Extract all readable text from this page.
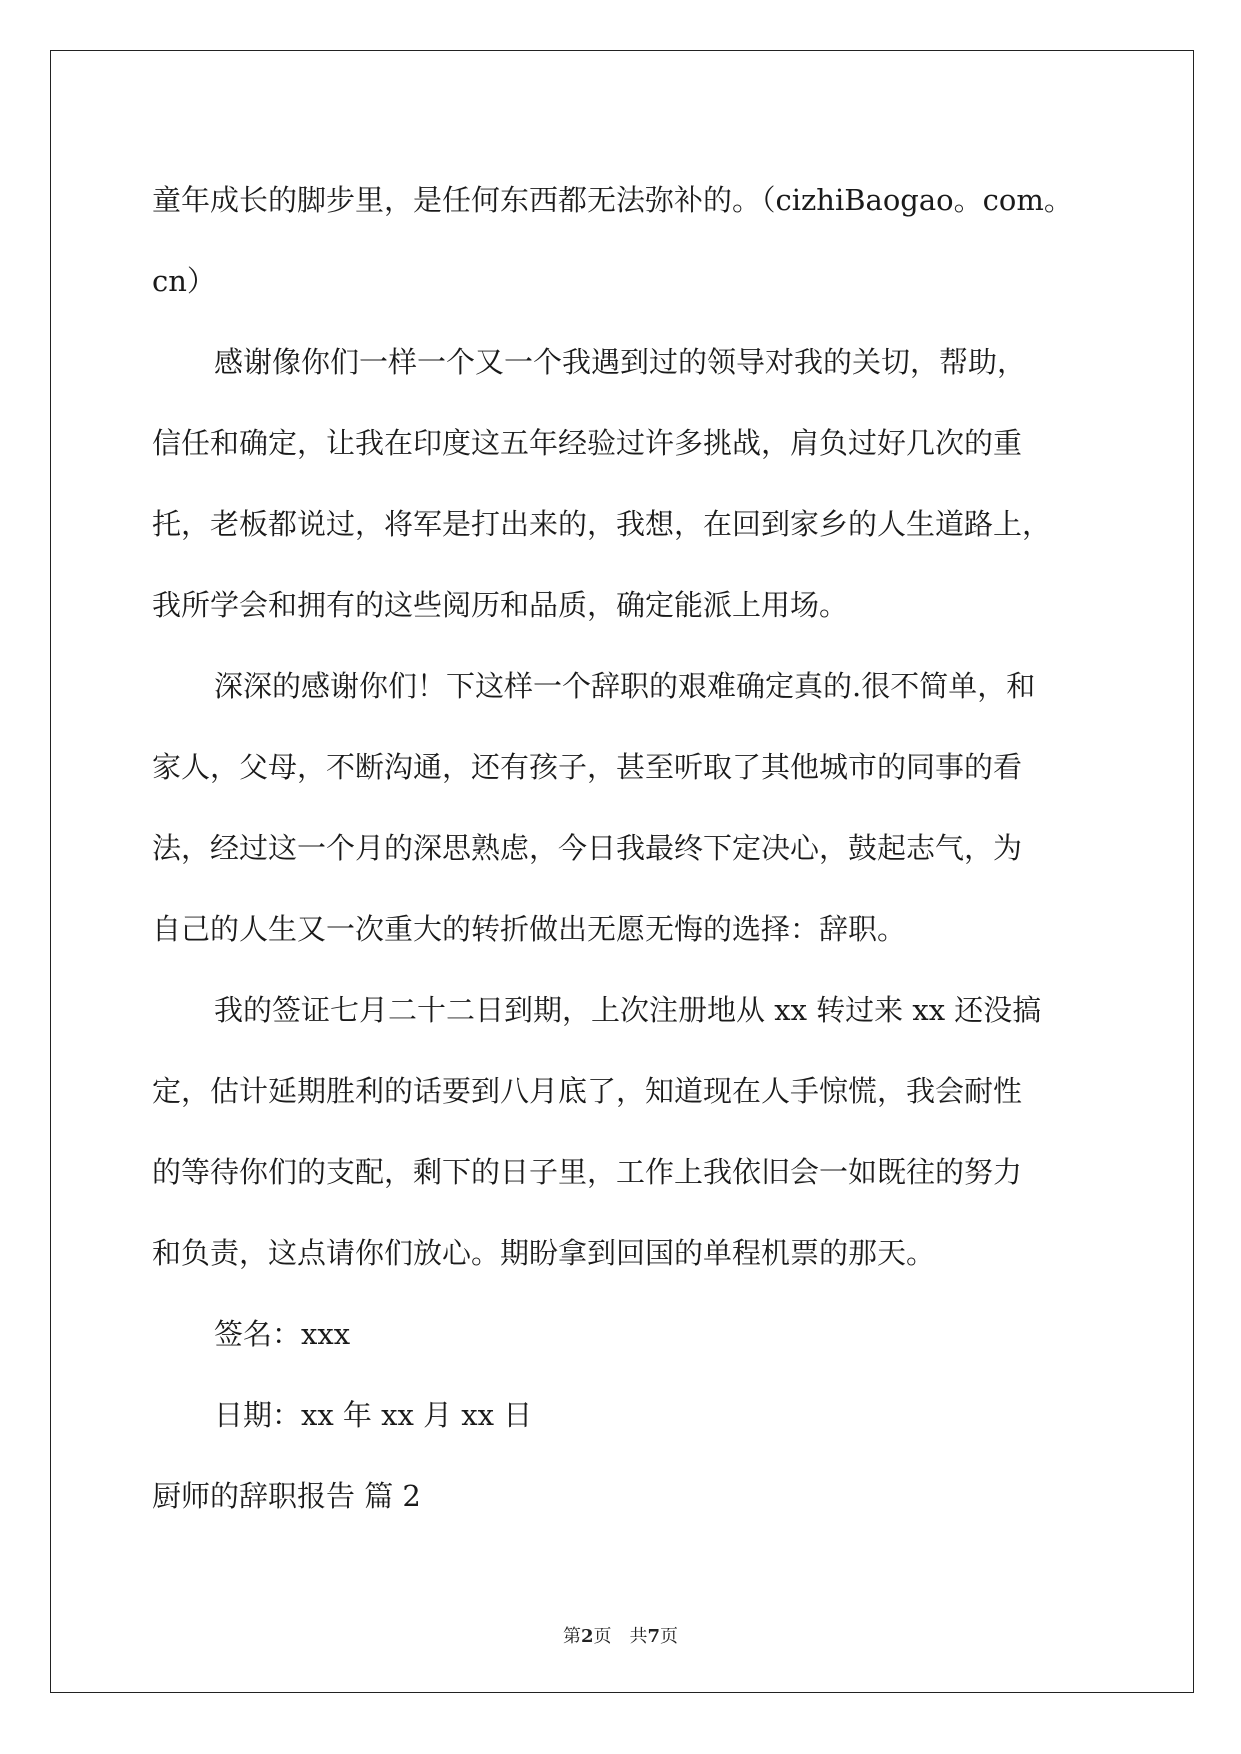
童年成长的脚步里，是任何东西都无法弥补的。（cizhiBaogao。com。
cn）
感谢像你们一样一个又一个我遇到过的领导对我的关切，帮助，
信任和确定，让我在印度这五年经验过许多挑战，肩负过好几次的重
托，老板都说过，将军是打出来的，我想，在回到家乡的人生道路上，
我所学会和拥有的这些阅历和品质，确定能派上用场。
深深的感谢你们！下这样一个辞职的艰难确定真的.很不简单，和
家人，父母，不断沟通，还有孩子，甚至听取了其他城市的同事的看
法，经过这一个月的深思熟虑，今日我最终下定决心，鼓起志气，为
自己的人生又一次重大的转折做出无愿无悔的选择：辞职。
我的签证七月二十二日到期，上次注册地从 xx 转过来 xx 还没搞
定，估计延期胜利的话要到八月底了，知道现在人手惊慌，我会耐性
的等待你们的支配，剩下的日子里，工作上我依旧会一如既往的努力
和负责，这点请你们放心。期盼拿到回国的单程机票的那天。
签名：xxx
日期：xx 年 xx 月 xx 日
厨师的辞职报告 篇 2
第2页　共7页
